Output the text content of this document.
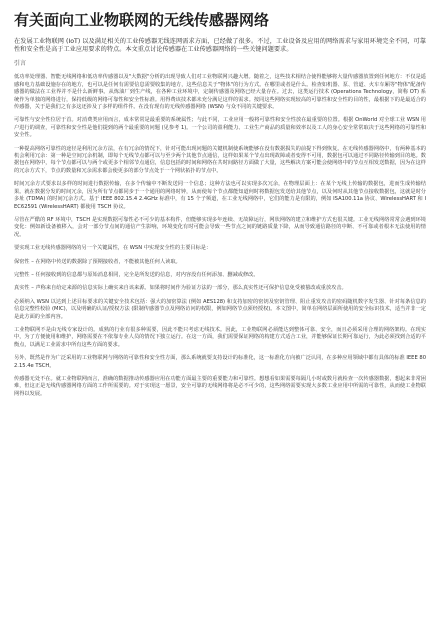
有关面向工业物联网的无线传感器网络

在发展工业物联网 (IoT) 以及满足相关的工业传感器无线连网需求方面，已经做了很多。不过，工业设备及应用的网络需求与家用环境完全不同，可靠性和安全性是高于工业应用要求的特点。本文重点讨论传感器在工业传感器网络的一些关键问题要求。

引言

低功率处理器、智能无线网络和低功率传感器以及"大数据"分析的出现导致人们对工业物联网兴趣大增。随着之，这些技术相结合使得能够将大量传感器放置到任何地方：不仅是遥感和电力基础设施存在的地方，也可以是任何有需要信息需要收集的地方，这些信息关于"物体"的行为方式。在哪里或者是什么。检查如机器、泵、管道、火车车厢等"物体"配备传感器的做法在工业界并不是什么新鲜事。从炼油厂到生产线，在各种工业环境中，定制传感器及网络已经大量存在。过去，这类运行技术 (Operations Technology，简称 OT) 系统作为单独的网络进行，保持低级的网络可靠性和安全性标准。用得费该技术都未充分满足这样的需求。按同这些网络实现较高的可靠性和安全性的目的性，最根据下的是最适合的传感器，关于是我们之有多这还涉及了多样的组件件。在没有现有的无线传感器网络 (WSN) 与众不同的关键要求。

可靠性与安全性位居于首。对消费类应用而言，成本常常是最重要的系统属性；与此不同，工业应用一般将可靠性和安全性放在最重要的位置。根据 OnWorld 对全球工业 WSN 用户进行的调查，可靠性和安全性是他们提到的两个最重要的问题 (见参考 1)。一个公司的盈利能力、工业生产商品的质量和效率以及工人的身心安全常常取决于这些网络的可靠性和安全性。

一种提高网络可靠性的途径是利用冗余方法，在有冗余的情况下，针对可能出现问题的关键机制使系统能够在没有数据损失的前提下得到恢复。在无线传感器网络中，有两种基本的机会利用冗余：第一种是空间冗余机制，即每个无线节点都可以与至少两个其他节点通信，这样如果某个节点出现故障或者变得不可用，数据包可以通过不同路径传输到目的地。数据包在网络中，每个节点都可以与两个或更多个相邻节点通信，信息包括的时间和网络在共时间路径方面做了大量，这些解决方案可能会使网络中的节点互相发送数据，因为在这样的冗余方式下，节点的数量和冗余需求都会使更多的部分节点处于一个网状拓扑的节点中。

时间冗余方式要求以多样的时间进行数据传输，在多个传输中不断发送同一个信息；这种方法也可以实现多次冗余，在物理层面上：在某个无线上传输的数据包，进而生成传输结果。就在数据分发的时间冗余，因为所有节点都同步于一个通用的网络时钟，从而使每个节点都能知道何时将数据包发送给其他节点，以及何时从其他节点接收数据包，这就是时分多址 (TDMA) 的时间冗余方式。基于 IEEE 802.15.4 2.4GHz 标准中，有 15 个子频道，在工业无线网络中，它们的能力是有限的，例如 ISA100.11a 协议、WirelessHART 和 IEC62591 (WirelessHART) 都使用 TSCH 协议。

尽管在严酷的 RF 环境中，TSCH 是实现数据可靠性必不可少的基本构件，但能够实现多年连续、无故障运行，网状网络的建立和维护方式也很关键。工业无线网络常常会遇到环境变化：例如新设备被移入，会对一部分节点间的通信产生影响，环境变化有时可能会导致一些节点之间的链路质量下降，从而导致通信路径的中断、不可靠或者根本无法使用的情况。

要实现工业无线传感器网络的另一个关键属性，在 WSN 中实现安全性的主要目标是：

保密性 – 在网络中传送的数据除了预期接收者，不能被其他任何人读取。

完整性 – 任何接收到的信息都与原始消息相同，完全是所发送的信息，对内容没有任何添加、删减或修改。

真实性 – 声称来自给定来源的信息实际上确实来自该来源。如果将时间作为验证方法的一部分，那么真实性还可保护信息免受被篡改或重放攻击。

必须纳入 WSN 以达到上述目标要求的关键安全技术包括：强大的加密算法 (例如 AES128) 和支持加密的密钥及密钥管理、阻止重发攻击的密码随机数字发生器、针对每条信息的信息完整性校验 (MIC)，以及明确的认证/授权方法 (限制传感器节点及网络访问的权限，例如网络节点须经授权)。本文图中，简单在网络层面所使用的安全标识技术，适当并非一定是此方面的全部内容。

工业物联网不是由无线专家设计的。成熟的行业有很多种需要，因此不能只考虑无线技术。因此，工业物联网必须能达到整体可靠、安全，而且必须采用合理的网络架构。在现实中，为了方便使用和维护，网络需要在不依靠专业人员的情况下独立运行。在这一方面，我们需要保证网络的构建方式适合工业，并能够保证长期可靠运行，为此必须找到合适的平衡点，以满足工业需求中所有这些方面的要求。

另外，既然是作为广泛采用的工业物联网与网络的可靠性和安全性方面，那么系统就要支持设计的标准化，这一标准化方向被广泛认同，在多种应用领域中都有具体的标准 IEEE 802.15.4e TSCH。

传感器无处不在。就工业物联网而言，准确的数据推动传感器应用在功能方面最主要的重要能力和可靠性。想想看如果需要每隔几小时或数月就检查一次传感器数据，想起来非常困难，但这正是无线传感器网络方面的工作所需要的。对于实现这一愿景，安全可靠的无线网络将是必不可少的，这些网络需要实现大多数工业应用中所需的可靠性，从而使工业物联网得以发展。
